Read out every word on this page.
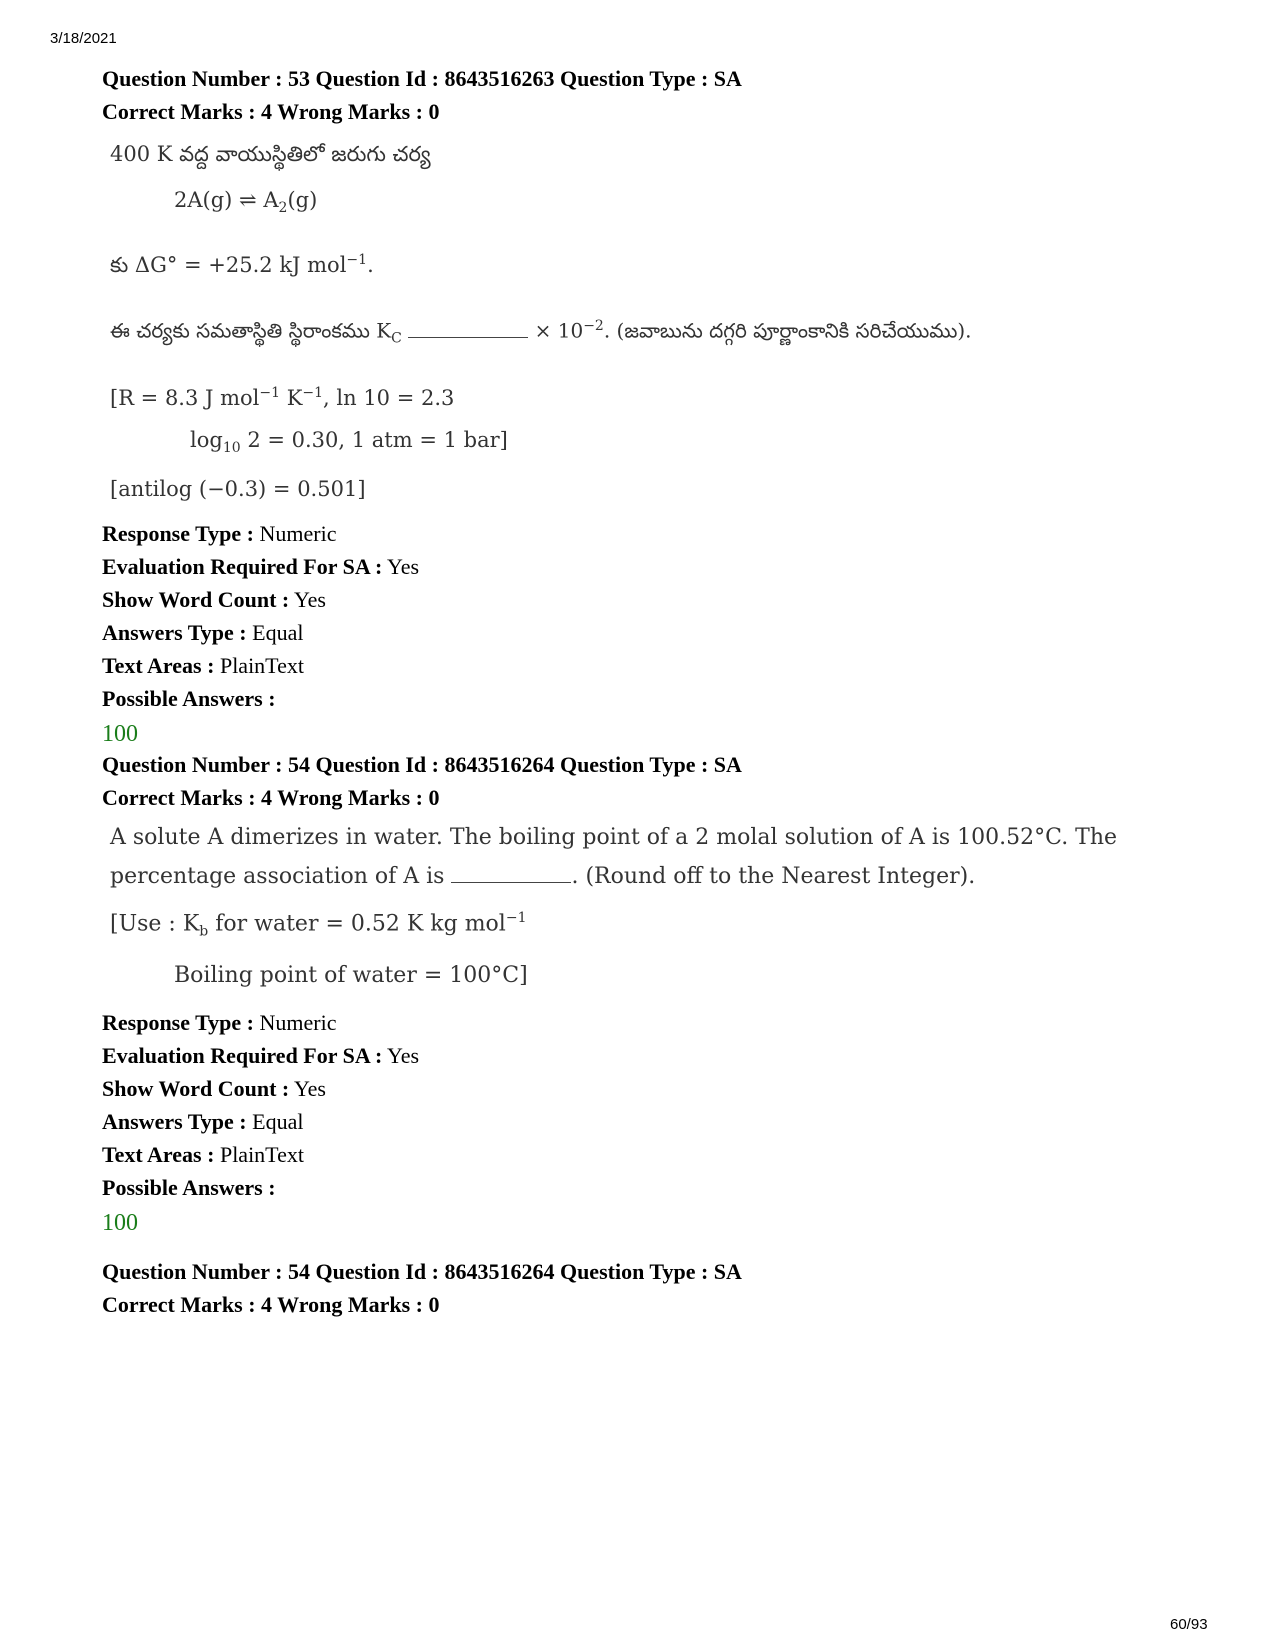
3/18/2021
Question Number : 53 Question Id : 8643516263 Question Type : SA
Correct Marks : 4 Wrong Marks : 0
400 K వద్ద వాయుస్థితిలో జరుగు చర్య
2A(g) ⇌ $A_2(g)$
కు ΔG° = +25.2 kJ mol$^{-1}$.
ఈ చర్యకు సమతాస్థితి స్థిరాంకము $K_C$	× $10^{-2}$. (జవాబును దగ్గరి పూర్ణాంకానికి సరిచేయుము).
[R = 8.3 J mol$^{-1}$ $K^{-1}$, ln 10 = 2.3
$\log_{10} 2 = 0.30$, 1 atm = 1 bar]
[antilog (−0.3) = 0.501]
Response Type : Numeric
Evaluation Required For SA : Yes
Show Word Count : Yes
Answers Type : Equal
Text Areas : PlainText
Possible Answers :
100
Question Number : 54 Question Id : 8643516264 Question Type : SA
Correct Marks : 4 Wrong Marks : 0
A solute A dimerizes in water. The boiling point of a 2 molal solution of A is 100.52°C. The
percentage association of A is	. (Round off to the Nearest Integer).
[Use : $K_b$ for water = 0.52 K kg mol$^{-1}$
Boiling point of water = 100°C]
Response Type : Numeric
Evaluation Required For SA : Yes
Show Word Count : Yes
Answers Type : Equal
Text Areas : PlainText
Possible Answers :
100
Question Number : 54 Question Id : 8643516264 Question Type : SA
Correct Marks : 4 Wrong Marks : 0
60/93
